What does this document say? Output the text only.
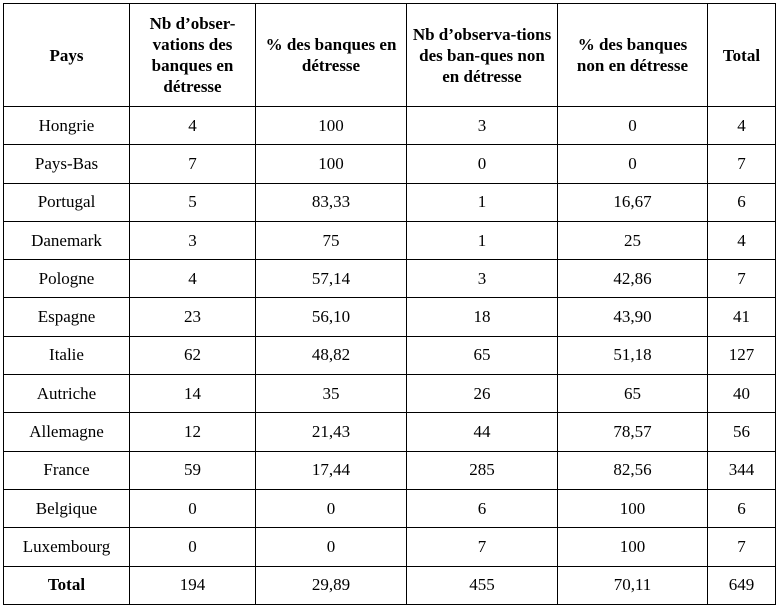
Pays	Nb d’obser-vations des banques en détresse	% des banques en détresse	Nb d’observa-tions des ban-ques non en détresse	% des banques non en détresse	Total
Hongrie	4	100	3	0	4
Pays-Bas	7	100	0	0	7
Portugal	5	83,33	1	16,67	6
Danemark	3	75	1	25	4
Pologne	4	57,14	3	42,86	7
Espagne	23	56,10	18	43,90	41
Italie	62	48,82	65	51,18	127
Autriche	14	35	26	65	40
Allemagne	12	21,43	44	78,57	56
France	59	17,44	285	82,56	344
Belgique	0	0	6	100	6
Luxembourg	0	0	7	100	7
Total	194	29,89	455	70,11	649
